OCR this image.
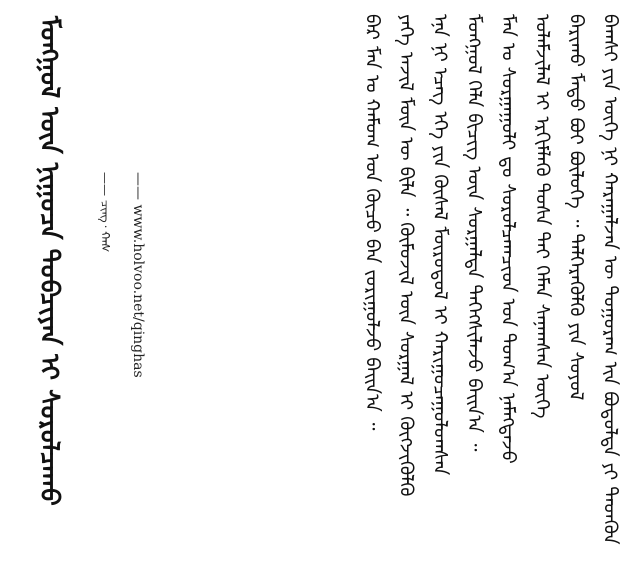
ᠪᠠᠭᠰᠢ ᠶᠢᠨ ᠦᠭᠡ ᠨᠢ ᠬᠠᠷᠠᠭᠠᠯᠵᠠᠨ ᠦ ᠲᠣᠭᠤᠷᠠᠭ ᠢᠨ ᠪᠤᠳᠤᠯᠲᠠ ᠶᠢ ᠲᠡᠳᠬᠦᠨ
ᠪᠠᠷᠢᠬᠤ ᠮᠡᠲᠦ ᠪᠤᠢ ᠪᠦᠯᠦᠭᠡ ᠃ ᠳᠡᠯᠭᠡᠷᠡᠭᠦᠯᠬᠦ ᠶᠢᠨ ᠰᠣᠶᠣᠯ
ᠤᠯᠠᠮᠵᠢᠯᠠᠯ ᠢ ᠡᠷᠬᠢᠮᠯᠡᠬᠦ ᠲᠤᠰᠠ ᠲᠡᠢ ᠬᠡᠮᠡᠨ ᠰᠠᠨᠠᠭᠰᠠᠨ ᠦᠭᠡ
ᠮᠠᠨ ᠤ ᠰᠤᠷᠭᠠᠭᠤᠯᠢ ᠳᠤ ᠰᠤᠷᠤᠯᠴᠠᠭᠴᠢᠳ ᠤᠨ ᠲᠣᠭ᠎ᠠ ᠨᠡᠮᠡᠭᠳᠡᠵᠦ
ᠮᠣᠩᠭᠣᠯ ᠬᠡᠯᠡ ᠪᠢᠴᠢᠭ ᠦᠨ ᠰᠤᠷᠭᠠᠯᠲᠠ ᠳᠡᠭᠡᠭᠰᠢᠯᠡᠵᠦ ᠪᠠᠢᠨ᠎ᠠ ᠃
ᠡᠨᠡ ᠨᠢ ᠡᠴᠡᠭ ᠡᠬᠡ ᠶᠢᠨ ᠬᠦᠰᠡᠯ ᠮᠥᠷᠦᠳᠦᠯ ᠢ ᠬᠠᠷᠢᠭᠤᠴᠠᠭᠤᠯᠤᠭᠰᠠᠨ
ᠶᠡᠬᠡ ᠠᠵᠢᠯ ᠮᠥᠨ ᠦ ᠪᠢᠯᠡ ᠃ ᠬᠦᠮᠦᠵᠢᠯ ᠦᠨ ᠰᠤᠷᠭᠠᠯ ᠢ ᠬᠥᠭᠵᠢᠭᠦᠯᠬᠦ
ᠪᠡᠷ ᠮᠠᠨ ᠤ ᠬᠠᠮᠤᠭ ᠤᠨ ᠬᠦᠴᠦ ᠪᠡᠨ ᠵᠣᠷᠢᠭᠤᠯᠵᠤ ᠪᠠᠢᠨ᠎ᠠ ᠃
—— www.holvoo.net/qinghas
—— ᠴᠢᠩ᠂ ᠬᠠᠰ
ᠮᠣᠩᠭᠣᠯ ᠦᠨ ᠨᠢᠭᠤᠴᠠ ᠲᠣᠪᠴᠢᠶᠠᠨ ᠢ ᠰᠤᠷᠤᠯᠴᠠᠬᠤ
